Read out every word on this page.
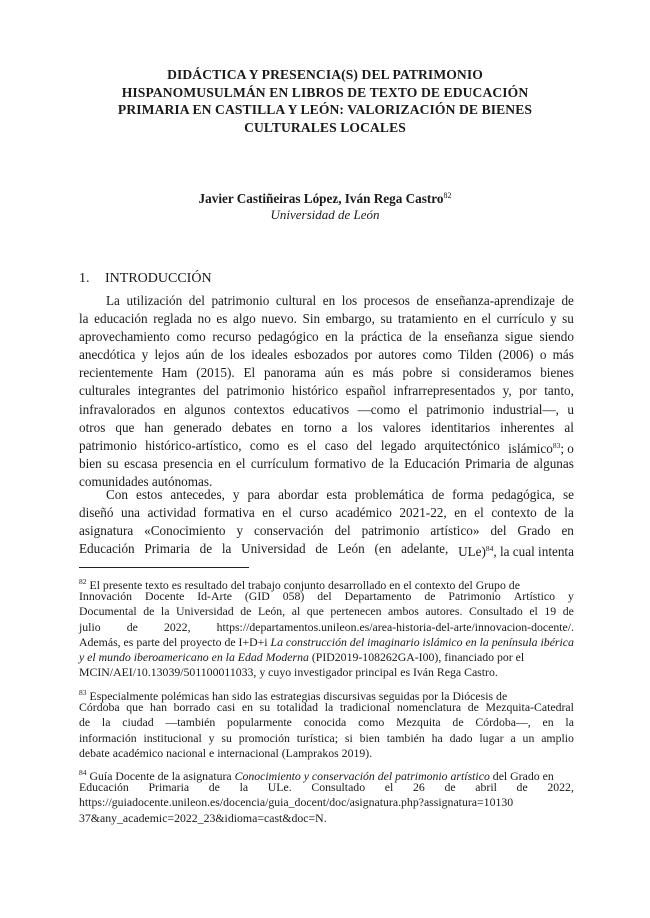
DIDÁCTICA Y PRESENCIA(S) DEL PATRIMONIO
HISPANOMUSULMÁN EN LIBROS DE TEXTO DE EDUCACIÓN
PRIMARIA EN CASTILLA Y LEÓN: VALORIZACIÓN DE BIENES
CULTURALES LOCALES
Javier Castiñeiras López, Iván Rega Castro$^{82}$
Universidad de León
1. INTRODUCCIÓN
La utilización del patrimonio cultural en los procesos de enseñanza-aprendizaje de
la educación reglada no es algo nuevo. Sin embargo, su tratamiento en el currículo y su
aprovechamiento como recurso pedagógico en la práctica de la enseñanza sigue siendo
anecdótica y lejos aún de los ideales esbozados por autores como Tilden (2006) o más
recientemente Ham (2015). El panorama aún es más pobre si consideramos bienes
culturales integrantes del patrimonio histórico español infrarrepresentados y, por tanto,
infravalorados en algunos contextos educativos —como el patrimonio industrial—, u
otros que han generado debates en torno a los valores identitarios inherentes al
patrimonio histórico-artístico, como es el caso del legado arquitectónico islámico$^{83}$; o
bien su escasa presencia en el currículum formativo de la Educación Primaria de algunas
comunidades autónomas.
Con estos antecedes, y para abordar esta problemática de forma pedagógica, se
diseñó una actividad formativa en el curso académico 2021-22, en el contexto de la
asignatura «Conocimiento y conservación del patrimonio artístico» del Grado en
Educación Primaria de la Universidad de León (en adelante, ULe)$^{84}$, la cual intenta
$^{82}$ El presente texto es resultado del trabajo conjunto desarrollado en el contexto del Grupo de
Innovación Docente Id-Arte (GID 058) del Departamento de Patrimonio Artístico y
Documental de la Universidad de León, al que pertenecen ambos autores. Consultado el 19 de
julio de 2022, https://departamentos.unileon.es/area-historia-del-arte/innovacion-docente/.
Además, es parte del proyecto de I+D+i
La construcción del imaginario islámico en la península ibérica
y el mundo iberoamericano en la Edad Moderna
(PID2019-108262GA-I00), financiado por el
MCIN/AEI/10.13039/501100011033, y cuyo investigador principal es Iván Rega Castro.
$^{83}$ Especialmente polémicas han sido las estrategias discursivas seguidas por la Diócesis de
Córdoba que han borrado casi en su totalidad la tradicional nomenclatura de Mezquita-Catedral
de la ciudad —también popularmente conocida como Mezquita de Córdoba—, en la
información institucional y su promoción turística; si bien también ha dado lugar a un amplio
debate académico nacional e internacional (Lamprakos 2019).
$^{84}$ Guía Docente de la asignatura Conocimiento y conservación del patrimonio artístico del Grado en
Educación Primaria de la ULe. Consultado el 26 de abril de 2022,
https://guiadocente.unileon.es/docencia/guia_docent/doc/asignatura.php?assignatura=10130
37&any_academic=2022_23&idioma=cast&doc=N.
